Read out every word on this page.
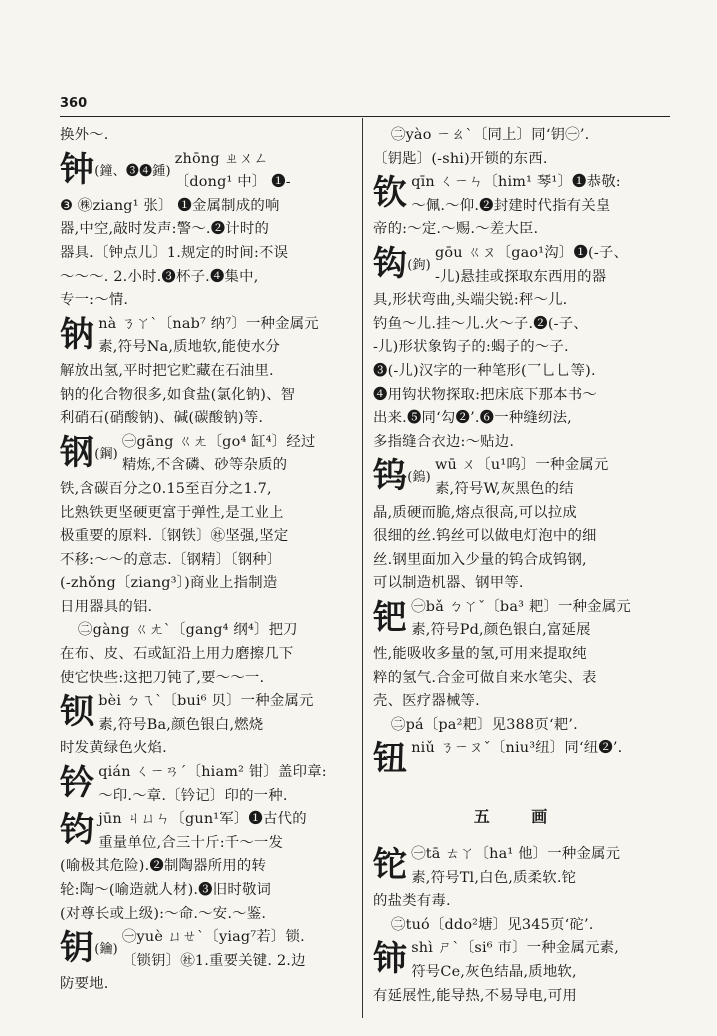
360

换外～.

钟(鐘、❸❹鍾)

zhōng ㄓㄨㄥ

〔dong¹ 中〕 ❶-

❸ ㊑ziang¹ 张〕 ❶金属制成的响

器,中空,敲时发声:警～.❷计时的

器具.〔钟点儿〕1.规定的时间:不误

～～～. 2.小时.❸杯子.❹集中,

专一:～情.

钠 nà ㄋㄚˋ〔nab⁷ 纳⁷〕一种金属元

素,符号Na,质地软,能使水分

解放出氢,平时把它贮藏在石油里.

钠的化合物很多,如食盐(氯化钠)、智

利硝石(硝酸钠)、碱(碳酸钠)等.

钢(鋼)

㊀gāng ㄍㄤ〔go⁴ 缸⁴〕经过

精炼,不含磷、砂等杂质的

铁,含碳百分之0.15至百分之1.7,

比熟铁更坚硬更富于弹性,是工业上

极重要的原料.〔钢铁〕㊓坚强,坚定

不移:～～的意志.〔钢精〕〔钢种〕

(-zhǒng〔ziang³〕)商业上指制造

日用器具的铝.

㊁gàng ㄍㄤˋ〔gang⁴ 纲⁴〕把刀

在布、皮、石或缸沿上用力磨擦几下

使它快些:这把刀钝了,要～～一.

钡 bèi ㄅㄟˋ〔bui⁶ 贝〕一种金属元

素,符号Ba,颜色银白,燃烧

时发黄绿色火焰.

钤 qián ㄑㄧㄢˊ〔hiam² 钳〕盖印章:

～印.～章.〔钤记〕印的一种.

钧 jūn ㄐㄩㄣ〔gun¹军〕❶古代的

重量单位,合三十斤:千～一发

(喻极其危险).❷制陶器所用的转

轮:陶～(喻造就人材).❸旧时敬词

(对尊长或上级):～命.～安.～鉴.

钥(鑰)

㊀yuè ㄩㄝˋ〔yiag⁷若〕锁.

〔锁钥〕㊓1.重要关键. 2.边

防要地.

㊁yào ㄧㄠˋ〔同上〕同‘钥㊀’.

〔钥匙〕(-shi)开锁的东西.

钦 qīn ㄑㄧㄣ〔him¹ 琴¹〕❶恭敬:

～佩.～仰.❷封建时代指有关皇

帝的:～定.～赐.～差大臣.

钩(鉤)

gōu ㄍㄡ〔gao¹沟〕❶(-子、

-儿)悬挂或探取东西用的器

具,形状弯曲,头端尖锐:秤～儿.

钓鱼～儿.挂～儿.火～子.❷(-子、

-儿)形状象钩子的:蝎子的～子.

❸(-儿)汉字的一种笔形(乛乚乚等).

❹用钩状物探取:把床底下那本书～

出来.❺同‘勾❷’.❻一种缝纫法,

多指缝合衣边:～贴边.

钨(鎢)

wū ㄨ〔u¹呜〕一种金属元

素,符号W,灰黑色的结

晶,质硬而脆,熔点很高,可以拉成

很细的丝.钨丝可以做电灯泡中的细

丝.钢里面加入少量的钨合成钨钢,

可以制造机器、钢甲等.

钯 ㊀bǎ ㄅㄚˇ〔ba³ 耙〕一种金属元

素,符号Pd,颜色银白,富延展

性,能吸收多量的氢,可用来提取纯

粹的氢气.合金可做自来水笔尖、表

壳、医疗器械等.

㊁pá〔pa²耙〕见388页‘耙’.

钮 niǔ ㄋㄧㄡˇ〔niu³纽〕同‘纽❷’.

五 画
铊 ㊀tā ㄊㄚ〔ha¹ 他〕一种金属元

素,符号Tl,白色,质柔软.铊

的盐类有毒.

㊁tuó〔ddo²塘〕见345页‘砣’.

铈 shì ㄕˋ〔si⁶ 市〕一种金属元素,

符号Ce,灰色结晶,质地软,

有延展性,能导热,不易导电,可用
